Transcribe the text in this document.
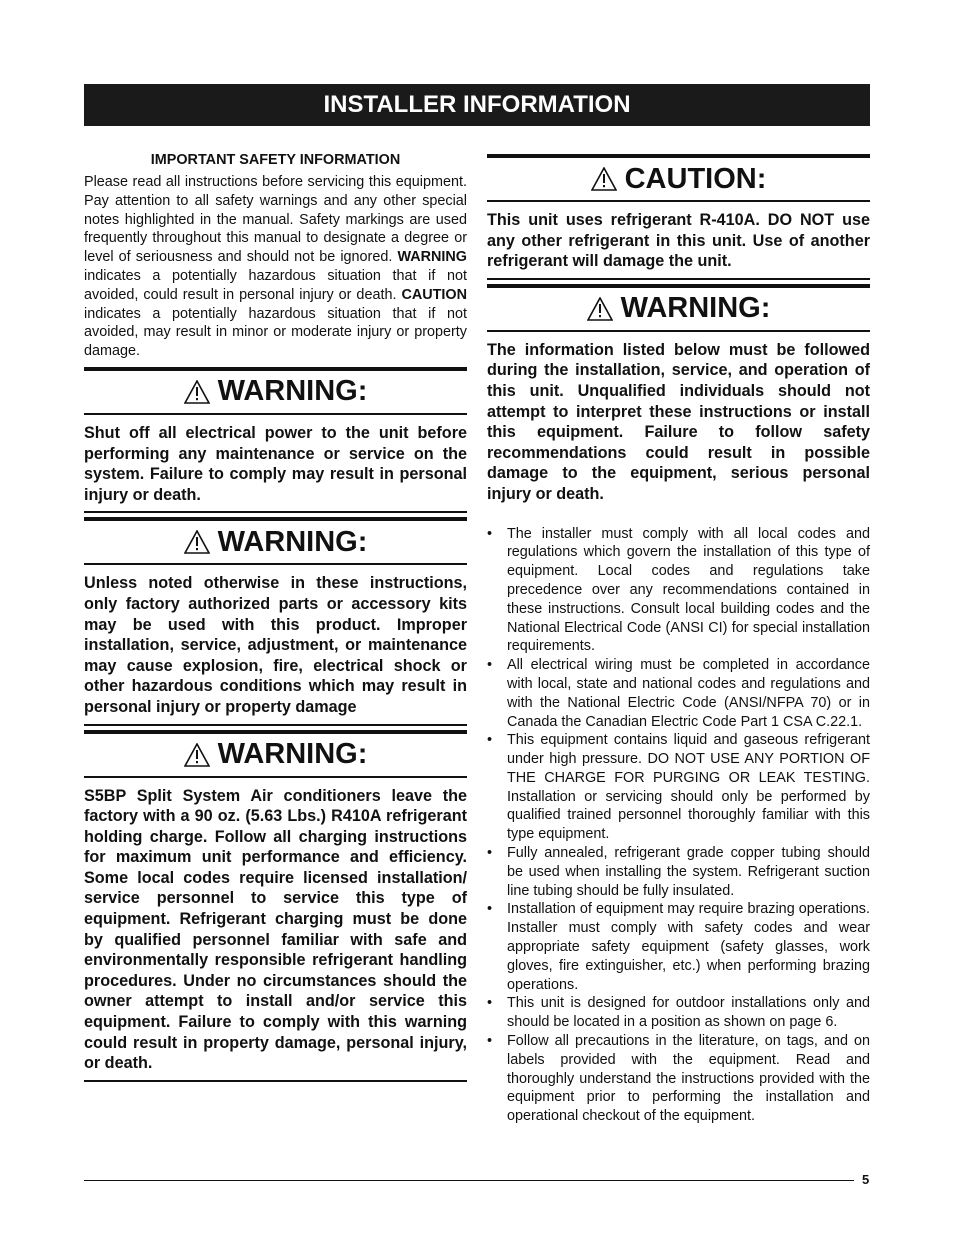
INSTALLER INFORMATION

IMPORTANT SAFETY INFORMATION

Please read all instructions before servicing this equipment. Pay attention to all safety warnings and any other special notes highlighted in the manual. Safety markings are used frequently throughout this manual to designate a degree or level of seriousness and should not be ignored. WARNING indicates a potentially hazardous situation that if not avoided, could result in personal injury or death. CAUTION indicates a potentially hazardous situation that if not avoided, may result in minor or moderate injury or property damage.

WARNING:

Shut off all electrical power to the unit before performing any maintenance or service on the system. Failure to comply may result in personal injury or death.

WARNING:

Unless noted otherwise in these instructions, only factory authorized parts or accessory kits may be used with this product. Improper installation, service, adjustment, or maintenance may cause explosion, fire, electrical shock or other hazardous conditions which may result in personal injury or property damage

WARNING:

S5BP Split System Air conditioners leave the factory with a 90 oz. (5.63 Lbs.) R410A refrigerant holding charge. Follow all charging instructions for maximum unit performance and efficiency. Some local codes require licensed installation/ service personnel to service this type of equipment. Refrigerant charging must be done by qualified personnel familiar with safe and environmentally responsible refrigerant handling procedures. Under no circumstances should the owner attempt to install and/or service this equipment. Failure to comply with this warning could result in property damage, personal injury, or death.

CAUTION:

This unit uses refrigerant R-410A. DO NOT use any other refrigerant in this unit. Use of another refrigerant will damage the unit.

WARNING:

The information listed below must be followed during the installation, service, and operation of this unit. Unqualified individuals should not attempt to interpret these instructions or install this equipment. Failure to follow safety recommendations could result in possible damage to the equipment, serious personal injury or death.

• The installer must comply with all local codes and regulations which govern the installation of this type of equipment. Local codes and regulations take precedence over any recommendations contained in these instructions. Consult local building codes and the National Electrical Code (ANSI CI) for special installation requirements.
• All electrical wiring must be completed in accordance with local, state and national codes and regulations and with the National Electric Code (ANSI/NFPA 70) or in Canada the Canadian Electric Code Part 1 CSA C.22.1.
• This equipment contains liquid and gaseous refrigerant under high pressure. DO NOT USE ANY PORTION OF THE CHARGE FOR PURGING OR LEAK TESTING. Installation or servicing should only be performed by qualified trained personnel thoroughly familiar with this type equipment.
• Fully annealed, refrigerant grade copper tubing should be used when installing the system. Refrigerant suction line tubing should be fully insulated.
• Installation of equipment may require brazing operations. Installer must comply with safety codes and wear appropriate safety equipment (safety glasses, work gloves, fire extinguisher, etc.) when performing brazing operations.
• This unit is designed for outdoor installations only and should be located in a position as shown on page 6.
• Follow all precautions in the literature, on tags, and on labels provided with the equipment. Read and thoroughly understand the instructions provided with the equipment prior to performing the installation and operational checkout of the equipment.
5
